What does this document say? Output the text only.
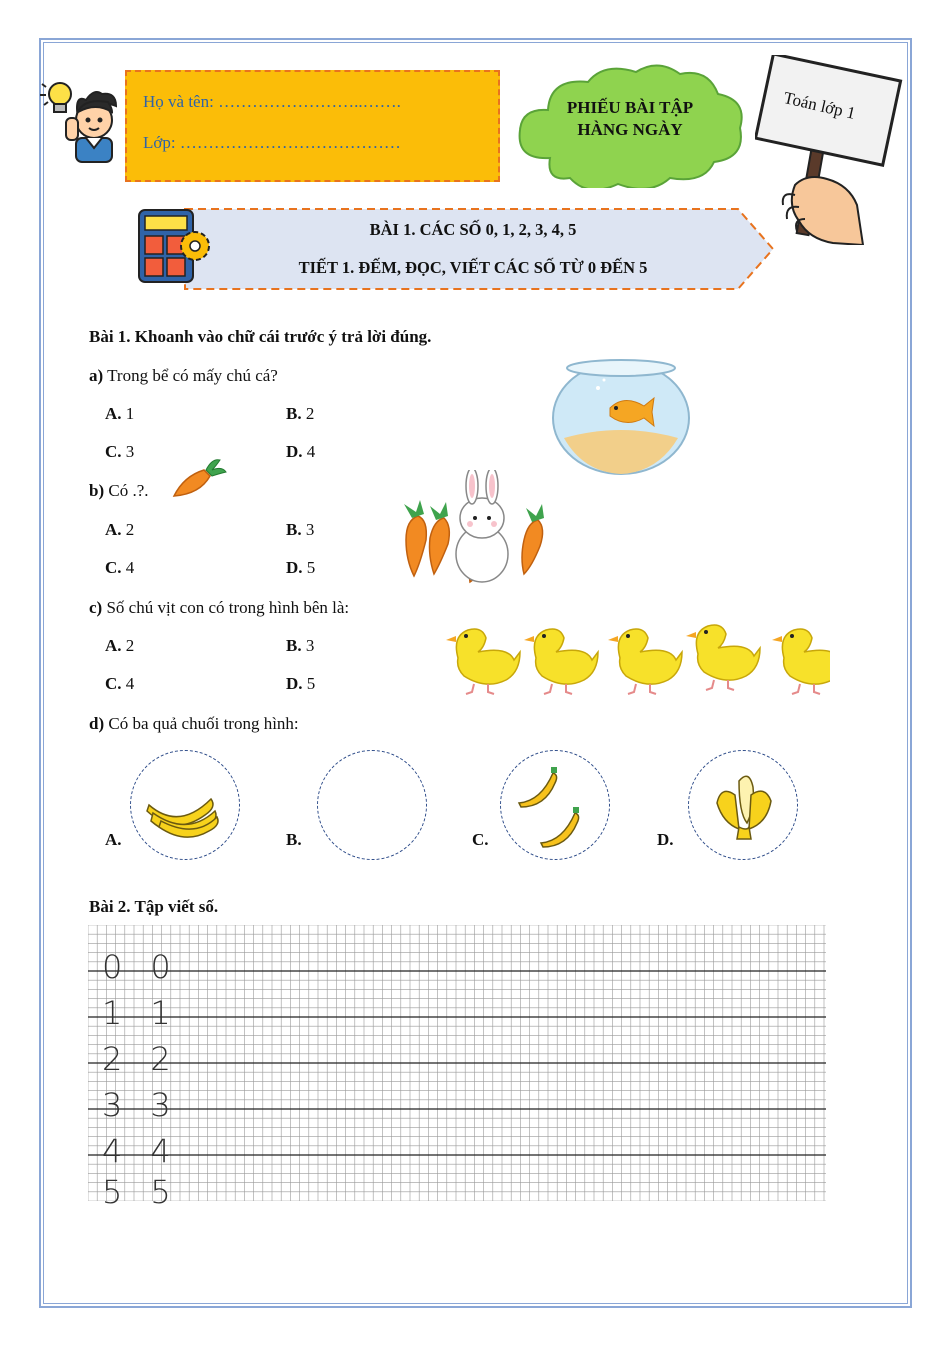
Họ và tên: ……………………..…….
Lớp: …………………………………
PHIẾU BÀI TẬP
HÀNG NGÀY
Toán lớp 1
BÀI 1. CÁC SỐ 0, 1, 2, 3, 4, 5
TIẾT 1. ĐẾM, ĐỌC, VIẾT CÁC SỐ TỪ 0 ĐẾN 5
Bài 1. Khoanh vào chữ cái trước ý trả lời đúng.
a) Trong bể có mấy chú cá?
A. 1	B. 2
C. 3	D. 4
b) Có .?.
A. 2	B. 3
C. 4	D. 5
c) Số chú vịt con có trong hình bên là:
A. 2	B. 3
C. 4	D. 5
d) Có ba quả chuối trong hình:
A.	B.	C.	D.
Bài 2. Tập viết số.
0 0
1 1
2 2
3 3
4 4
5 5
